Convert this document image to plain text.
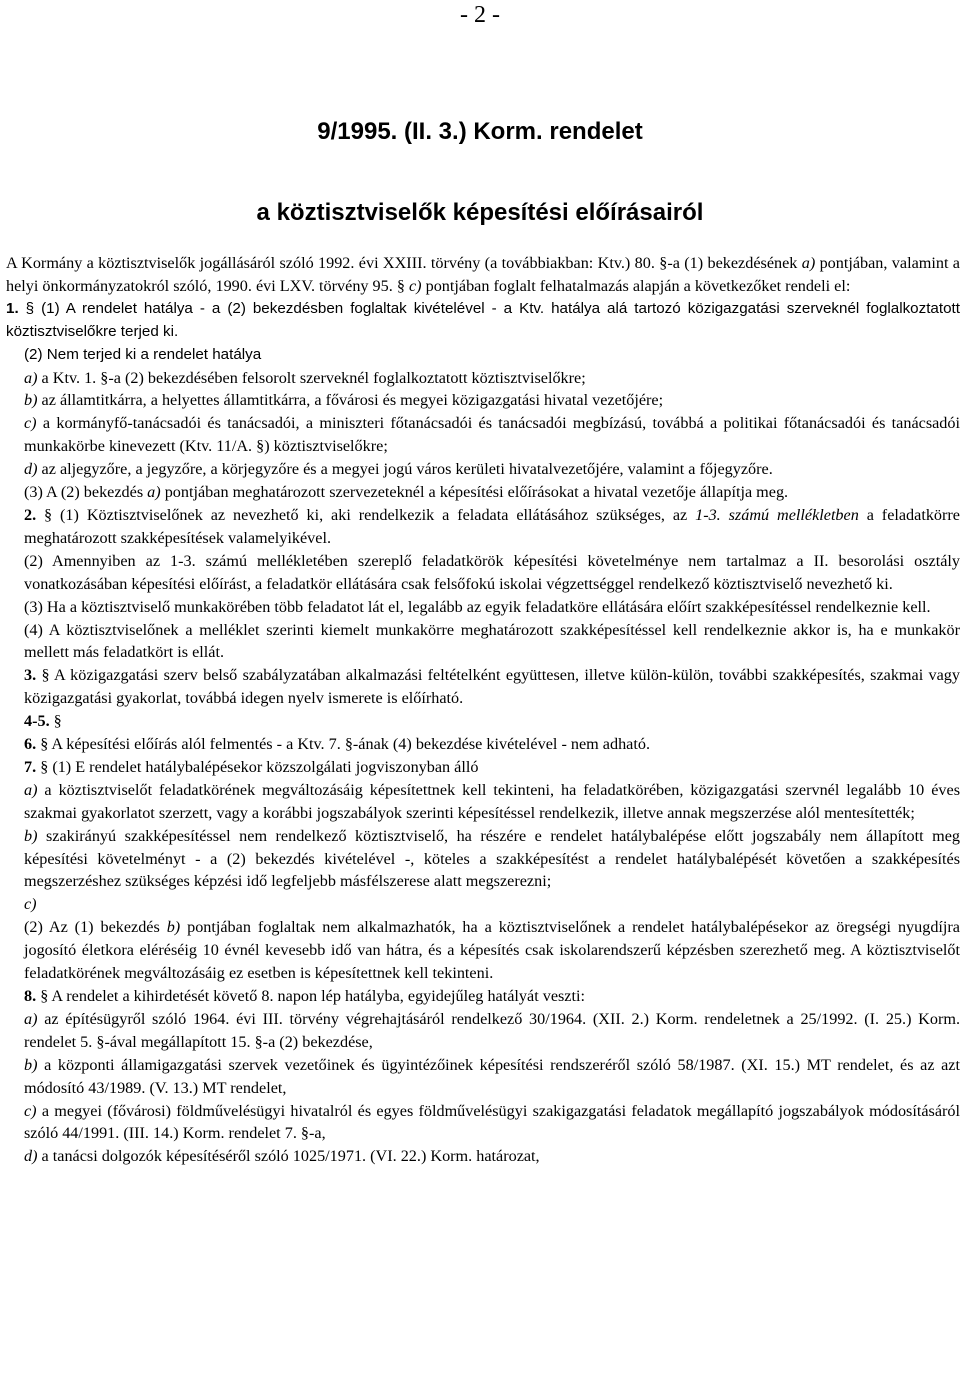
- 2 -
9/1995. (II. 3.) Korm. rendelet
a köztisztviselők képesítési előírásairól

A Kormány a köztisztviselők jogállásáról szóló 1992. évi XXIII. törvény (a továbbiakban: Ktv.) 80. §-a (1) bekezdésének a) pontjában, valamint a helyi önkormányzatokról szóló, 1990. évi LXV. törvény 95. § c) pontjában foglalt felhatalmazás alapján a következőket rendeli el:

1. § (1) A rendelet hatálya - a (2) bekezdésben foglaltak kivételével - a Ktv. hatálya alá tartozó közigazgatási szerveknél foglalkoztatott köztisztviselőkre terjed ki.

(2) Nem terjed ki a rendelet hatálya

a) a Ktv. 1. §-a (2) bekezdésében felsorolt szerveknél foglalkoztatott köztisztviselőkre;

b) az államtitkárra, a helyettes államtitkárra, a fővárosi és megyei közigazgatási hivatal vezetőjére;

c) a kormányfő-tanácsadói és tanácsadói, a miniszteri főtanácsadói és tanácsadói megbízású, továbbá a politikai főtanácsadói és tanácsadói munkakörbe kinevezett (Ktv. 11/A. §) köztisztviselőkre;

d) az aljegyzőre, a jegyzőre, a körjegyzőre és a megyei jogú város kerületi hivatalvezetőjére, valamint a főjegyzőre.

(3) A (2) bekezdés a) pontjában meghatározott szervezeteknél a képesítési előírásokat a hivatal vezetője állapítja meg.

2. § (1) Köztisztviselőnek az nevezhető ki, aki rendelkezik a feladata ellátásához szükséges, az 1-3. számú mellékletben a feladatkörre meghatározott szakképesítések valamelyikével.

(2) Amennyiben az 1-3. számú mellékletében szereplő feladatkörök képesítési követelménye nem tartalmaz a II. besorolási osztály vonatkozásában képesítési előírást, a feladatkör ellátására csak felsőfokú iskolai végzettséggel rendelkező köztisztviselő nevezhető ki.

(3) Ha a köztisztviselő munkakörében több feladatot lát el, legalább az egyik feladatköre ellátására előírt szakképesítéssel rendelkeznie kell.

(4) A köztisztviselőnek a melléklet szerinti kiemelt munkakörre meghatározott szakképesítéssel kell rendelkeznie akkor is, ha e munkakör mellett más feladatkört is ellát.

3. § A közigazgatási szerv belső szabályzatában alkalmazási feltételként együttesen, illetve külön-külön, további szakképesítés, szakmai vagy közigazgatási gyakorlat, továbbá idegen nyelv ismerete is előírható.

4-5. §

6. § A képesítési előírás alól felmentés - a Ktv. 7. §-ának (4) bekezdése kivételével - nem adható.

7. § (1) E rendelet hatálybalépésekor közszolgálati jogviszonyban álló

a) a köztisztviselőt feladatkörének megváltozásáig képesítettnek kell tekinteni, ha feladatkörében, közigazgatási szervnél legalább 10 éves szakmai gyakorlatot szerzett, vagy a korábbi jogszabályok szerinti képesítéssel rendelkezik, illetve annak megszerzése alól mentesítették;

b) szakirányú szakképesítéssel nem rendelkező köztisztviselő, ha részére e rendelet hatálybalépése előtt jogszabály nem állapított meg képesítési követelményt - a (2) bekezdés kivételével -, köteles a szakképesítést a rendelet hatálybalépését követően a szakképesítés megszerzéshez szükséges képzési idő legfeljebb másfélszerese alatt megszerezni;

c)

(2) Az (1) bekezdés b) pontjában foglaltak nem alkalmazhatók, ha a köztisztviselőnek a rendelet hatálybalépésekor az öregségi nyugdíjra jogosító életkora eléréséig 10 évnél kevesebb idő van hátra, és a képesítés csak iskolarendszerű képzésben szerezhető meg. A köztisztviselőt feladatkörének megváltozásáig ez esetben is képesítettnek kell tekinteni.

8. § A rendelet a kihirdetését követő 8. napon lép hatályba, egyidejűleg hatályát veszti:

a) az építésügyről szóló 1964. évi III. törvény végrehajtásáról rendelkező 30/1964. (XII. 2.) Korm. rendeletnek a 25/1992. (I. 25.) Korm. rendelet 5. §-ával megállapított 15. §-a (2) bekezdése,

b) a központi államigazgatási szervek vezetőinek és ügyintézőinek képesítési rendszeréről szóló 58/1987. (XI. 15.) MT rendelet, és az azt módosító 43/1989. (V. 13.) MT rendelet,

c) a megyei (fővárosi) földművelésügyi hivatalról és egyes földművelésügyi szakigazgatási feladatok megállapító jogszabályok módosításáról szóló 44/1991. (III. 14.) Korm. rendelet 7. §-a,

d) a tanácsi dolgozók képesítéséről szóló 1025/1971. (VI. 22.) Korm. határozat,
